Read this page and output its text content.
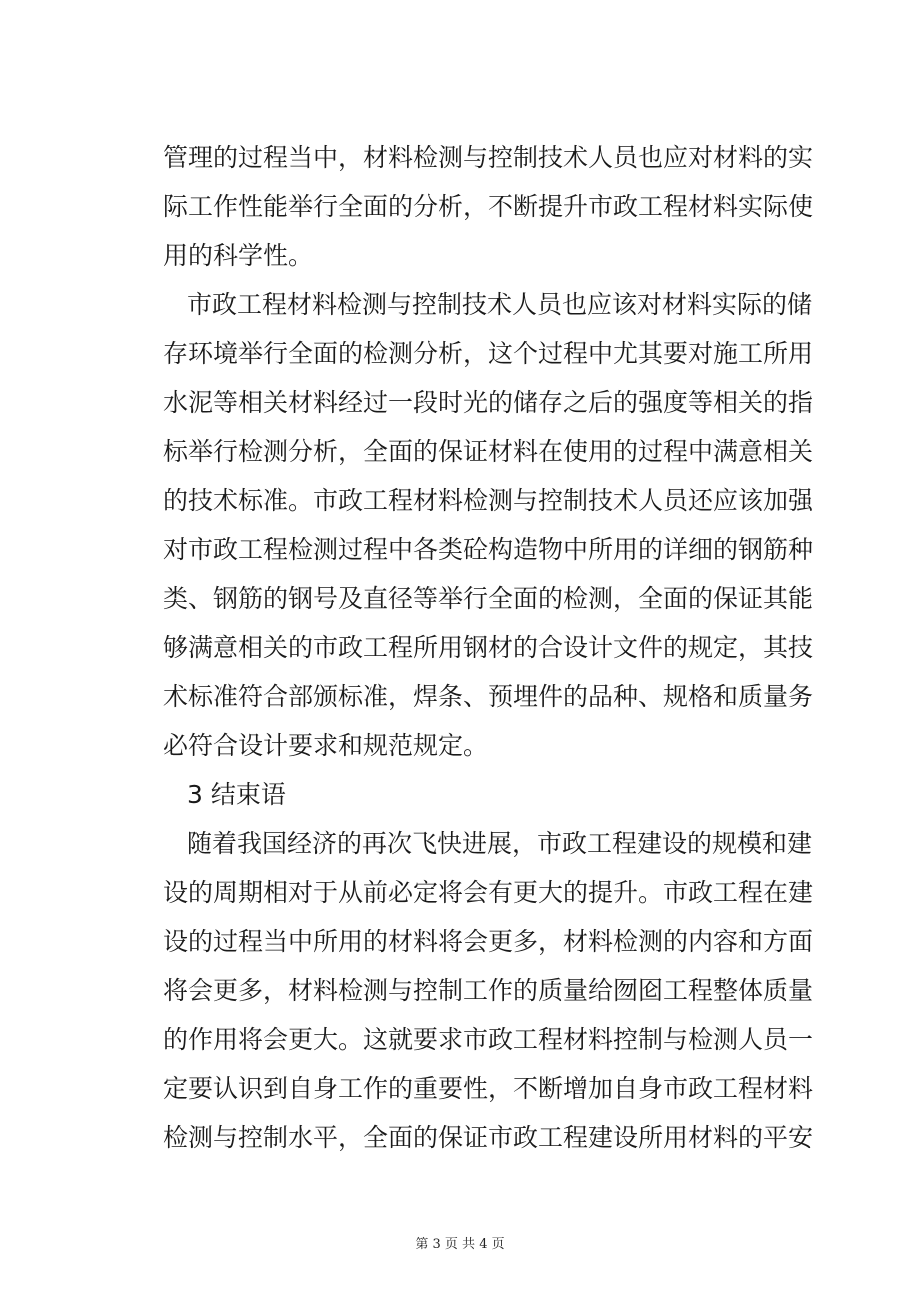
管理的过程当中，材料检测与控制技术人员也应对材料的实
际工作性能举行全面的分析，不断提升市政工程材料实际使
用的科学性。
市政工程材料检测与控制技术人员也应该对材料实际的储
存环境举行全面的检测分析，这个过程中尤其要对施工所用
水泥等相关材料经过一段时光的储存之后的强度等相关的指
标举行检测分析，全面的保证材料在使用的过程中满意相关
的技术标准。市政工程材料检测与控制技术人员还应该加强
对市政工程检测过程中各类砼构造物中所用的详细的钢筋种
类、钢筋的钢号及直径等举行全面的检测，全面的保证其能
够满意相关的市政工程所用钢材的合设计文件的规定，其技
术标准符合部颁标准，焊条、预埋件的品种、规格和质量务
必符合设计要求和规范规定。
3 结束语
随着我国经济的再次飞快进展，市政工程建设的规模和建
设的周期相对于从前必定将会有更大的提升。市政工程在建
设的过程当中所用的材料将会更多，材料检测的内容和方面
将会更多，材料检测与控制工作的质量给囫囵工程整体质量
的作用将会更大。这就要求市政工程材料控制与检测人员一
定要认识到自身工作的重要性，不断增加自身市政工程材料
检测与控制水平，全面的保证市政工程建设所用材料的平安
第 3 页 共 4 页
